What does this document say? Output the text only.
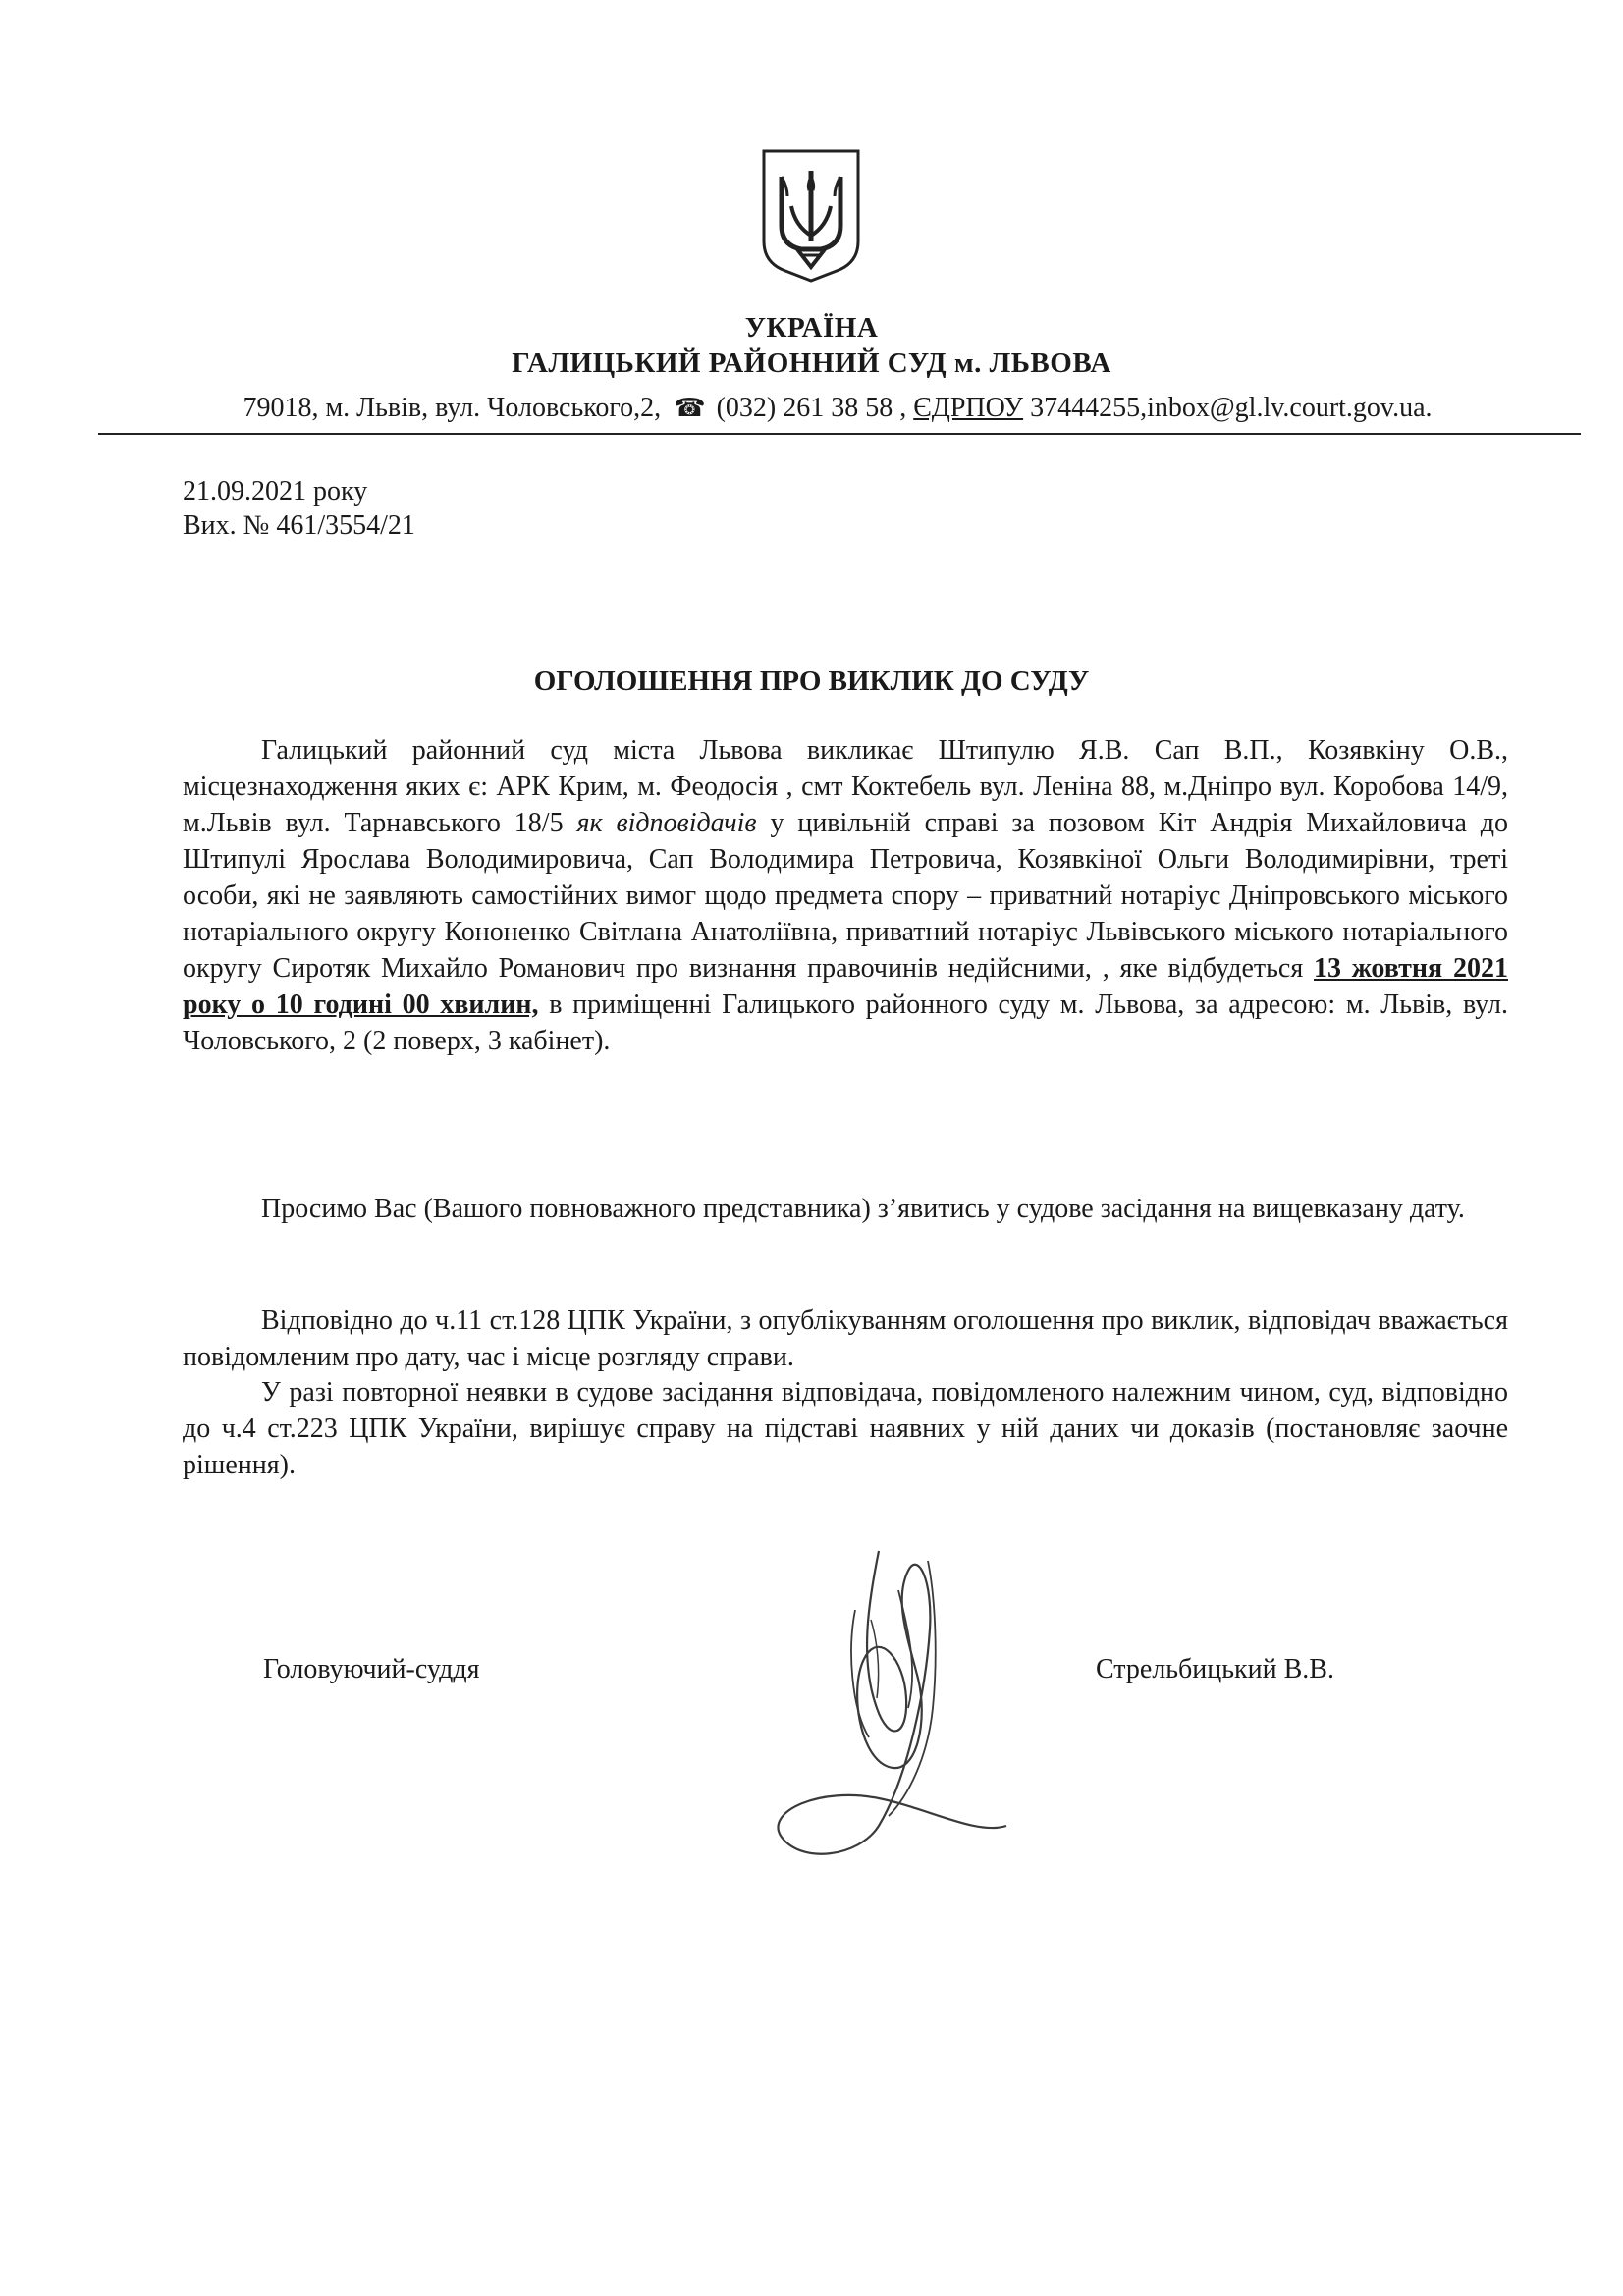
УКРАЇНА
ГАЛИЦЬКИЙ РАЙОННИЙ СУД м. ЛЬВОВА
79018, м. Львів, вул. Чоловського,2, ☎ (032) 261 38 58 , ЄДРПОУ 37444255,inbox@gl.lv.court.gov.ua.
21.09.2021 року
Вих. № 461/3554/21
ОГОЛОШЕННЯ ПРО ВИКЛИК ДО СУДУ

Галицький районний суд міста Львова викликає Штипулю Я.В. Сап В.П., Козявкіну О.В., місцезнаходження яких є: АРК Крим, м. Феодосія , смт Коктебель вул. Леніна 88, м.Дніпро вул. Коробова 14/9, м.Львів вул. Тарнавського 18/5 як відповідачів у цивільній справі за позовом Кіт Андрія Михайловича до Штипулі Ярослава Володимировича, Сап Володимира Петровича, Козявкіної Ольги Володимирівни, треті особи, які не заявляють самостійних вимог щодо предмета спору – приватний нотаріус Дніпровського міського нотаріального округу Кононенко Світлана Анатоліївна, приватний нотаріус Львівського міського нотаріального округу Сиротяк Михайло Романович про визнання правочинів недійсними, , яке відбудеться 13 жовтня 2021 року о 10 годині 00 хвилин, в приміщенні Галицького районного суду м. Львова, за адресою: м. Львів, вул. Чоловського, 2 (2 поверх, 3 кабінет).

Просимо Вас (Вашого повноважного представника) з’явитись у судове засідання на вищевказану дату.

Відповідно до ч.11 ст.128 ЦПК України, з опублікуванням оголошення про виклик, відповідач вважається повідомленим про дату, час і місце розгляду справи.

У разі повторної неявки в судове засідання відповідача, повідомленого належним чином, суд, відповідно до ч.4 ст.223 ЦПК України, вирішує справу на підставі наявних у ній даних чи доказів (постановляє заочне рішення).

Головуючий-суддя	Стрельбицький В.В.
